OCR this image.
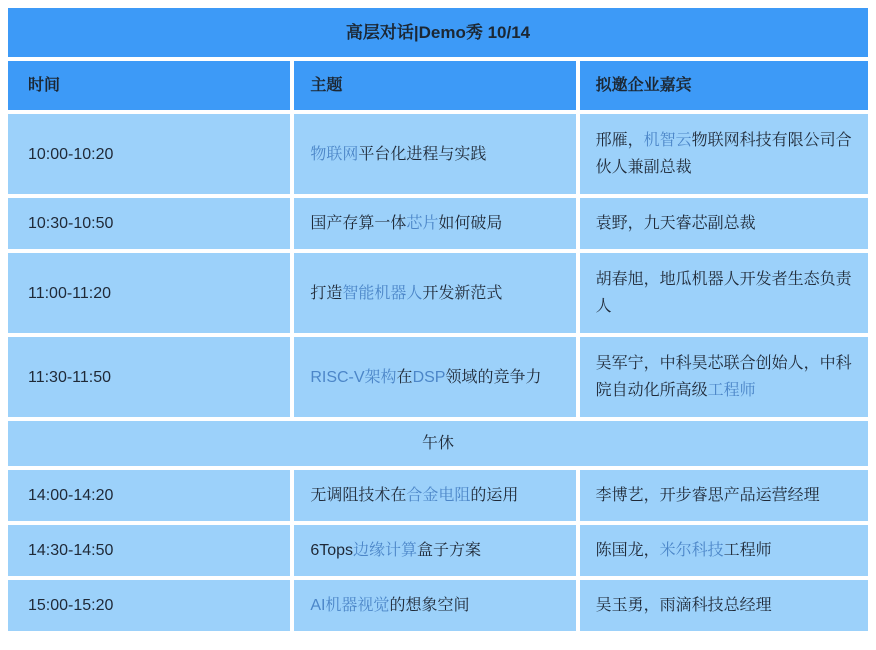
高层对话|Demo秀 10/14		
时间	主题	拟邀企业嘉宾
10:00-10:20	物联网平台化进程与实践	邢雁，机智云物联网科技有限公司合伙人兼副总裁
10:30-10:50	国产存算一体芯片如何破局	袁野，九天睿芯副总裁
11:00-11:20	打造智能机器人开发新范式	胡春旭，地瓜机器人开发者生态负责人
11:30-11:50	RISC-V架构在DSP领域的竞争力	吴军宁，中科昊芯联合创始人，中科院自动化所高级工程师
午休		
14:00-14:20	无调阻技术在合金电阻的运用	李博艺，开步睿思产品运营经理
14:30-14:50	6Tops边缘计算盒子方案	陈国龙，米尔科技工程师
15:00-15:20	AI机器视觉的想象空间	吴玉勇，雨滴科技总经理
